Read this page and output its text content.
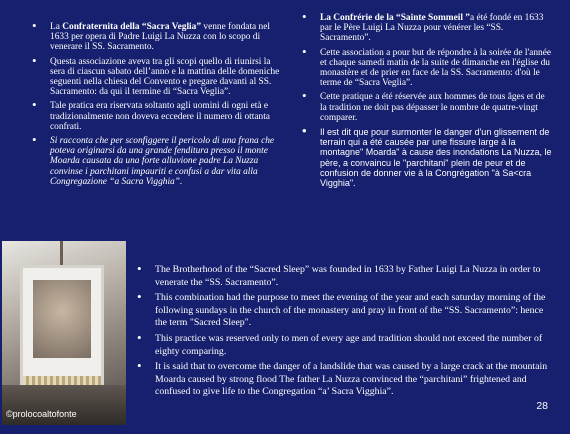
• La Confraternita della “Sacra Veglia” venne fondata nel 1633 per opera di Padre Luigi La Nuzza con lo scopo di venerare il SS. Sacramento.
• Questa associazione aveva tra gli scopi quello di riunirsi la sera di ciascun sabato dell’anno e la mattina delle domeniche seguenti nella chiesa del Convento e pregare davanti al SS. Sacramento: da qui il termine di “Sacra Veglia”.
• Tale pratica era riservata soltanto agli uomini di ogni età e tradizionalmente non doveva eccedere il numero di ottanta confrati.
• Si racconta che per sconfiggere il pericolo di una frana che poteva originarsi da una grande fenditura presso il monte Moarda causata da una forte alluvione padre La Nuzza convinse i parchitani impauriti e confusi a dar vita alla Congregazione “a Sacra Vigghia”.
• La Confrérie de la “Sainte Sommeil ”a été fondé en 1633 par le Père Luigi La Nuzza pour vénérer les “SS. Sacramento”.
• Cette association a pour but de répondre à la soirée de l'année et chaque samedi matin de la suite de dimanche en l'église du monastère et de prier en face de la SS. Sacramento: d'où le terme de “Sacra Veglia”.
• Cette pratique a été réservée aux hommes de tous âges et de la tradition ne doit pas dépasser le nombre de quatre-vingt comparer.
• Il est dit que pour surmonter le danger d'un glissement de terrain qui a été causée par une fissure large à la montagne" Moarda" à cause des inondations La Nuzza, le père, a convaincu le "parchitani" plein de peur et de confusion de donner vie à la Congrégation "à Sa<cra Vigghia".
©prolocoaltofonte
• The Brotherhood of the “Sacred Sleep” was founded in 1633 by Father Luigi La Nuzza in order to venerate the “SS. Sacramento”.
• This combination had the purpose to meet the evening of the year and each saturday morning of the following sundays in the church of the monastery and pray in front of the “SS. Sacramento”: hence the term "Sacred Sleep".
• This practice was reserved only to men of every age and tradition should not exceed the number of eighty comparing.
• It is said that to overcome the danger of a landslide that was caused by a large crack at the mountain Moarda caused by strong flood The father La Nuzza convinced the “parchitani” frightened and confused to give life to the Congregation “a’ Sacra Vigghia”.
28
